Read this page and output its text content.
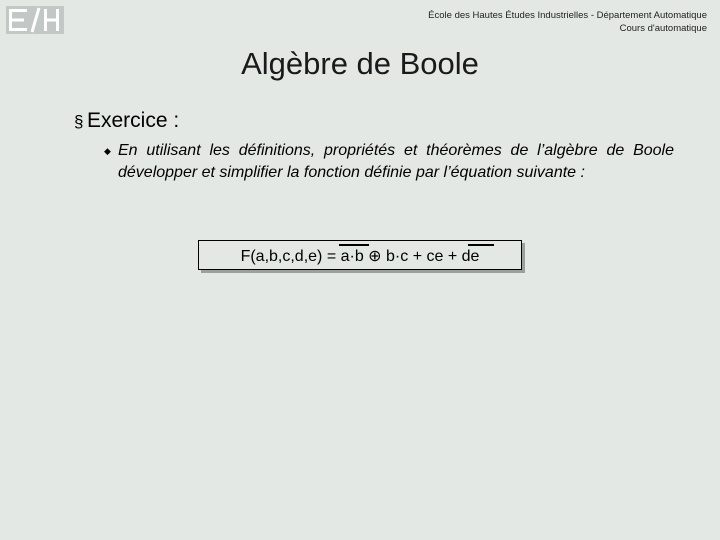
École des Hautes Études Industrielles - Département Automatique
Cours d'automatique
Algèbre de Boole
§ Exercice :
◆ En utilisant les définitions, propriétés et théorèmes de l’algèbre de Boole développer et simplifier la fonction définie par l’équation suivante :
F(a,b,c,d,e) = a·b ⊕ b·c + ce + de
